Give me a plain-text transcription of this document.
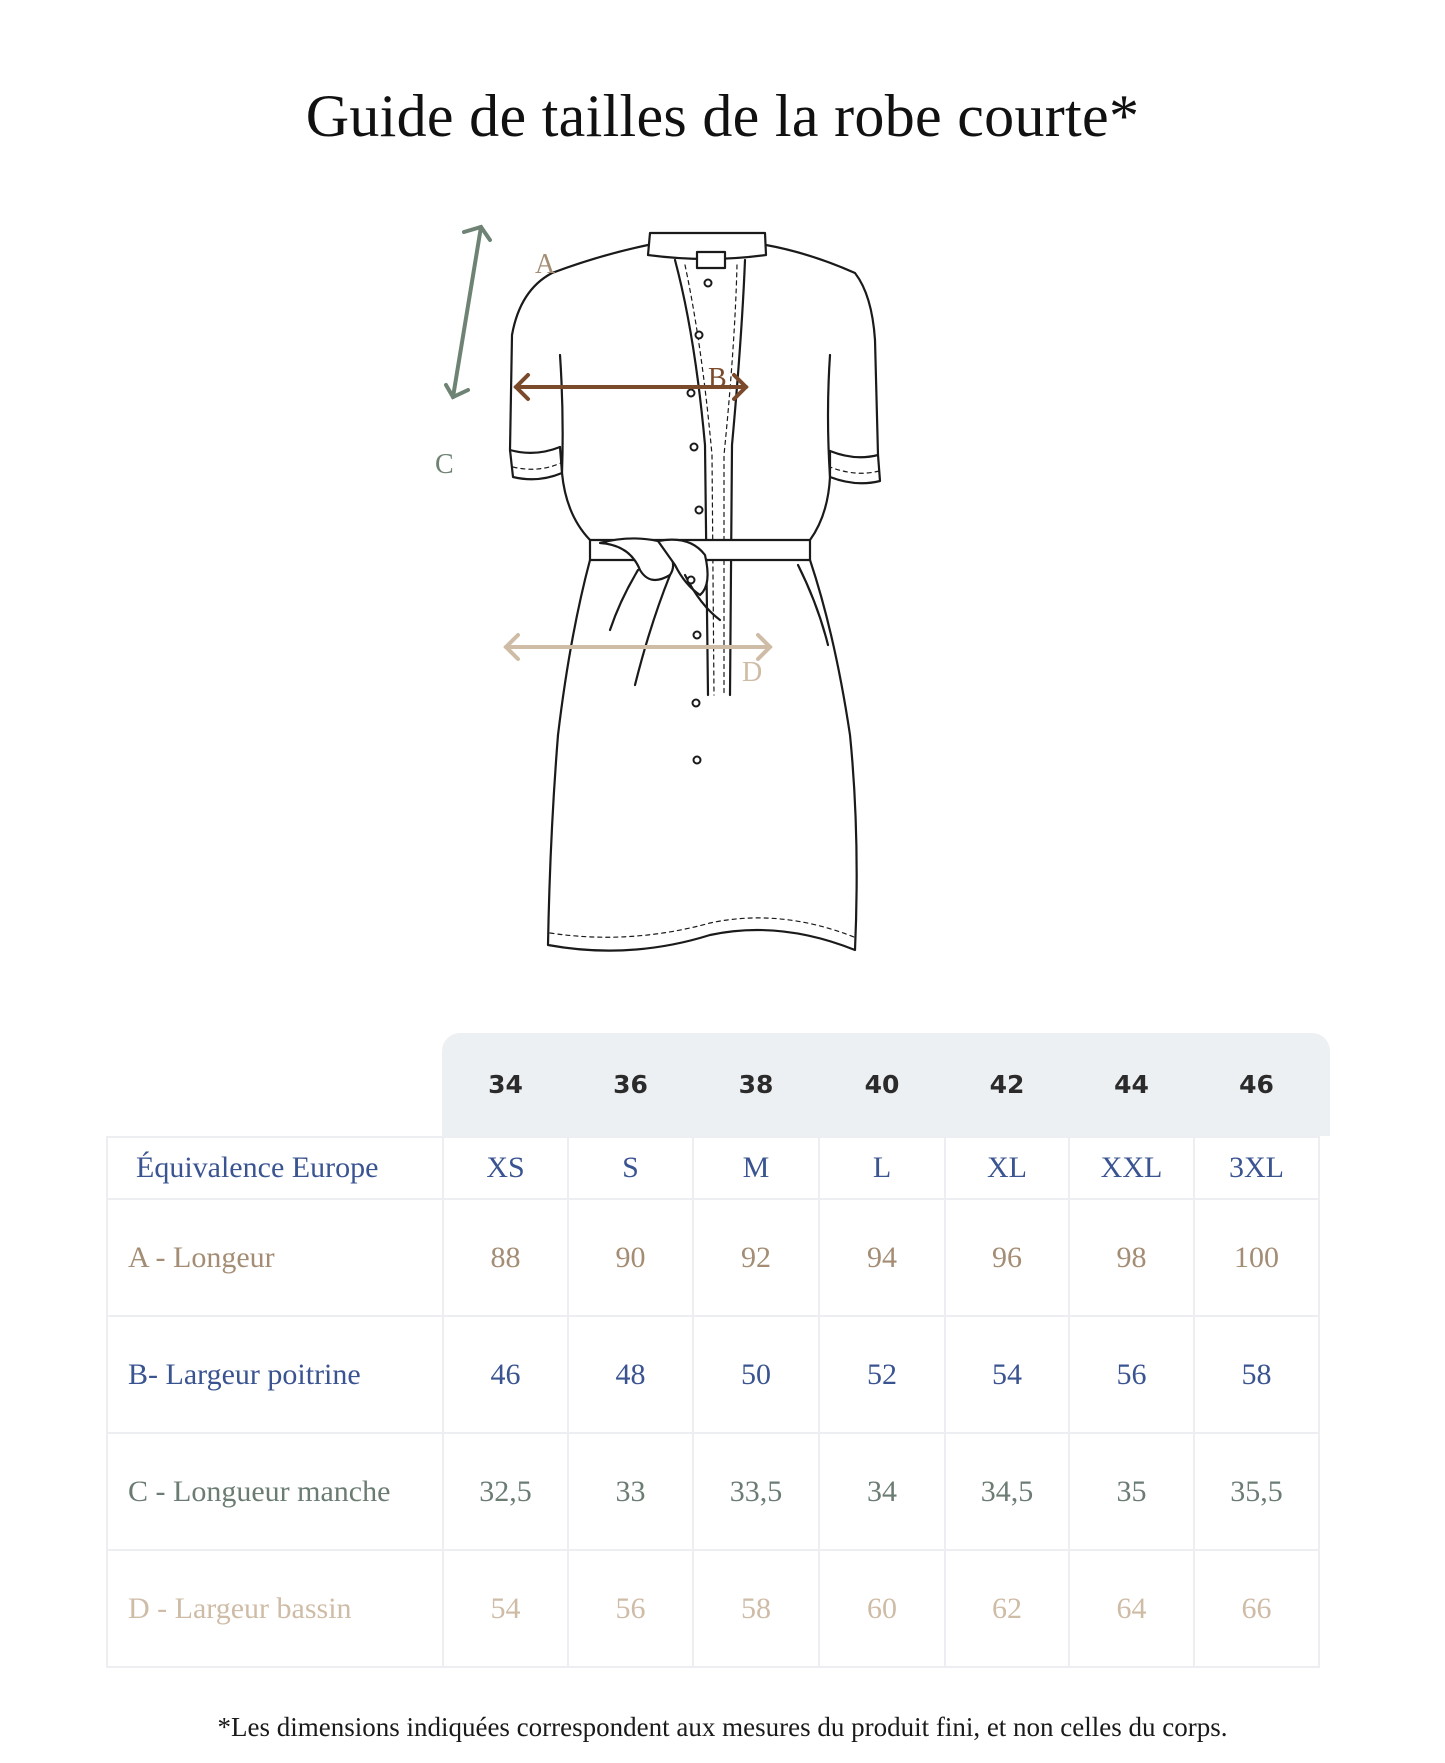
Guide de tailles de la robe courte*
A
B
C
D
	34	36	38	40	42	44	46
Équivalence Europe	XS	S	M	L	XL	XXL	3XL
A - Longeur	88	90	92	94	96	98	100
B- Largeur poitrine	46	48	50	52	54	56	58
C - Longueur manche	32,5	33	33,5	34	34,5	35	35,5
D - Largeur bassin	54	56	58	60	62	64	66
*Les dimensions indiquées correspondent aux mesures du produit fini, et non celles du corps.
